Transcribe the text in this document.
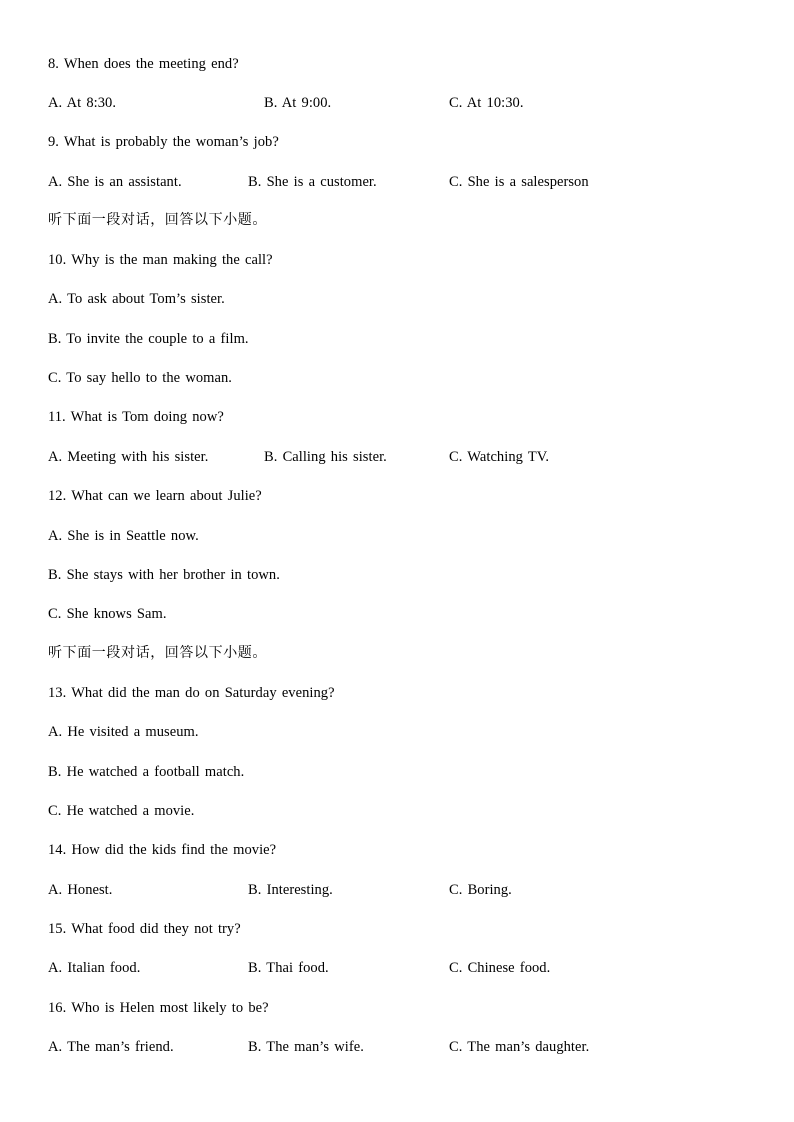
8. When does the meeting end?
A. At 8:30.	B. At 9:00.	C. At 10:30.
9. What is probably the woman’s job?
A. She is an assistant.	B. She is a customer.	C. She is a salesperson
听下面一段对话，回答以下小题。
10. Why is the man making the call?
A. To ask about Tom’s sister.
B. To invite the couple to a film.
C. To say hello to the woman.
11. What is Tom doing now?
A. Meeting with his sister.	B. Calling his sister.	C. Watching TV.
12. What can we learn about Julie?
A. She is in Seattle now.
B. She stays with her brother in town.
C. She knows Sam.
听下面一段对话，回答以下小题。
13. What did the man do on Saturday evening?
A. He visited a museum.
B. He watched a football match.
C. He watched a movie.
14. How did the kids find the movie?
A. Honest.	B. Interesting.	C. Boring.
15. What food did they not try?
A. Italian food.	B. Thai food.	C. Chinese food.
16. Who is Helen most likely to be?
A. The man’s friend.	B. The man’s wife.	C. The man’s daughter.
